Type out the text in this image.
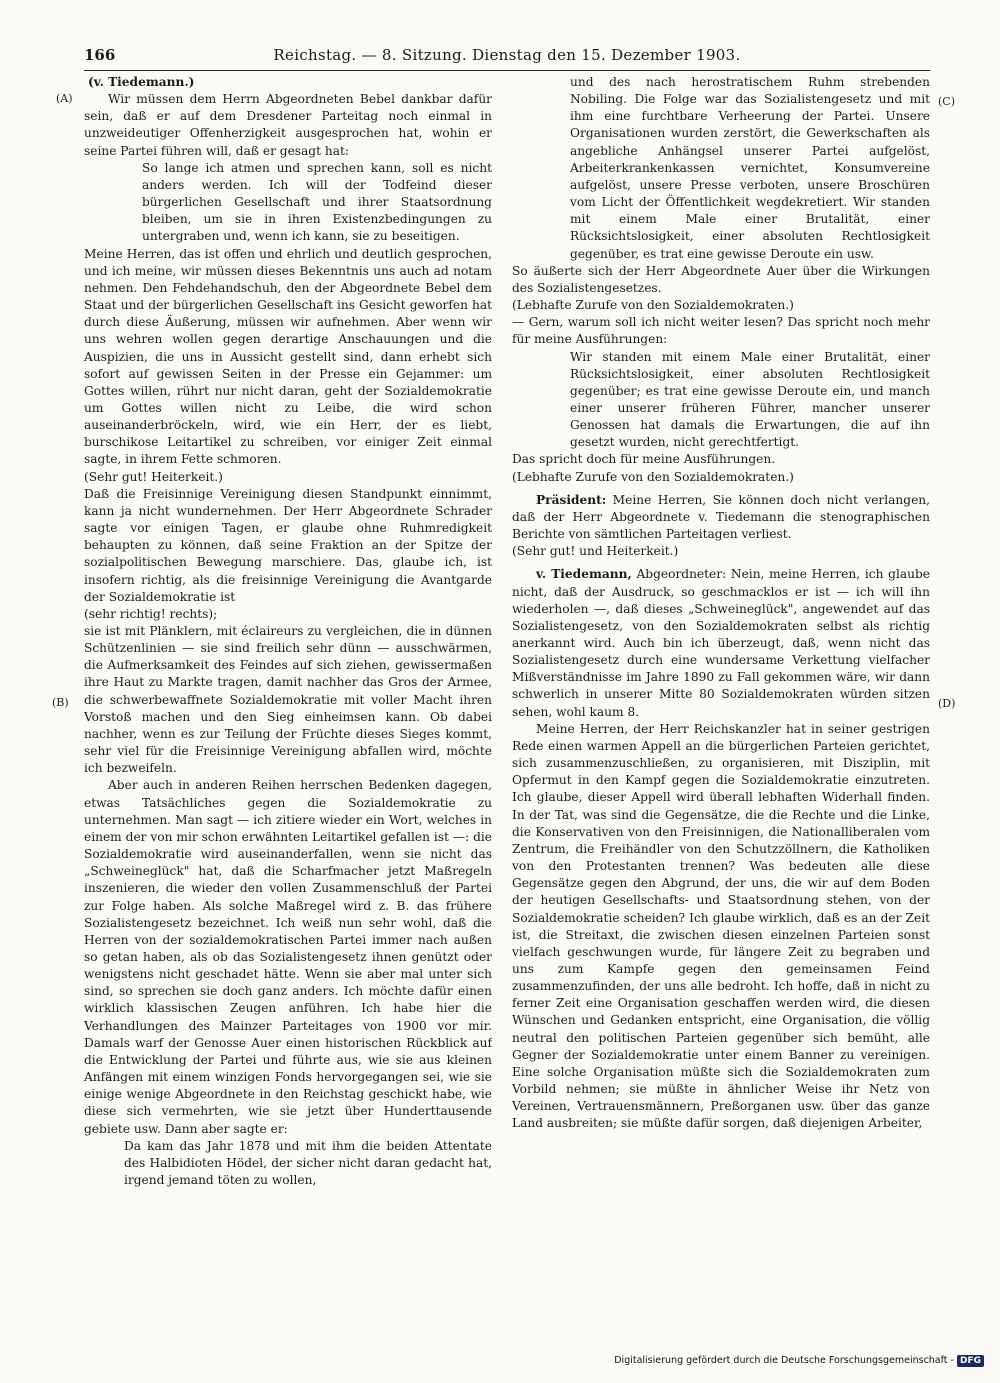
166	Reichstag. — 8. Sitzung. Dienstag den 15. Dezember 1903.
(A)
(B)
(C)
(D)

(v. Tiedemann.)

Wir müssen dem Herrn Abgeordneten Bebel dankbar dafür sein, daß er auf dem Dresdener Parteitag noch einmal in unzweideutiger Offenherzigkeit ausgesprochen hat, wohin er seine Partei führen will, daß er gesagt hat:

So lange ich atmen und sprechen kann, soll es nicht anders werden. Ich will der Todfeind dieser bürgerlichen Gesellschaft und ihrer Staatsordnung bleiben, um sie in ihren Existenzbedingungen zu untergraben und, wenn ich kann, sie zu beseitigen.

Meine Herren, das ist offen und ehrlich und deutlich gesprochen, und ich meine, wir müssen dieses Bekenntnis uns auch ad notam nehmen. Den Fehdehandschuh, den der Abgeordnete Bebel dem Staat und der bürgerlichen Gesellschaft ins Gesicht geworfen hat durch diese Äußerung, müssen wir aufnehmen. Aber wenn wir uns wehren wollen gegen derartige Anschauungen und die Auspizien, die uns in Aussicht gestellt sind, dann erhebt sich sofort auf gewissen Seiten in der Presse ein Gejammer: um Gottes willen, rührt nur nicht daran, geht der Sozialdemokratie um Gottes willen nicht zu Leibe, die wird schon auseinanderbröckeln, wird, wie ein Herr, der es liebt, burschikose Leitartikel zu schreiben, vor einiger Zeit einmal sagte, in ihrem Fette schmoren.

(Sehr gut! Heiterkeit.)

Daß die Freisinnige Vereinigung diesen Standpunkt einnimmt, kann ja nicht wundernehmen. Der Herr Abgeordnete Schrader sagte vor einigen Tagen, er glaube ohne Ruhmredigkeit behaupten zu können, daß seine Fraktion an der Spitze der sozialpolitischen Bewegung marschiere. Das, glaube ich, ist insofern richtig, als die freisinnige Vereinigung die Avantgarde der Sozialdemokratie ist

(sehr richtig! rechts);

sie ist mit Plänklern, mit éclaireurs zu vergleichen, die in dünnen Schützenlinien — sie sind freilich sehr dünn — ausschwärmen, die Aufmerksamkeit des Feindes auf sich ziehen, gewissermaßen ihre Haut zu Markte tragen, damit nachher das Gros der Armee, die schwerbewaffnete Sozialdemokratie mit voller Macht ihren Vorstoß machen und den Sieg einheimsen kann. Ob dabei nachher, wenn es zur Teilung der Früchte dieses Sieges kommt, sehr viel für die Freisinnige Vereinigung abfallen wird, möchte ich bezweifeln.

Aber auch in anderen Reihen herrschen Bedenken dagegen, etwas Tatsächliches gegen die Sozialdemokratie zu unternehmen. Man sagt — ich zitiere wieder ein Wort, welches in einem der von mir schon erwähnten Leitartikel gefallen ist —: die Sozialdemokratie wird auseinanderfallen, wenn sie nicht das „Schweineglück" hat, daß die Scharfmacher jetzt Maßregeln inszenieren, die wieder den vollen Zusammenschluß der Partei zur Folge haben. Als solche Maßregel wird z. B. das frühere Sozialistengesetz bezeichnet. Ich weiß nun sehr wohl, daß die Herren von der sozialdemokratischen Partei immer nach außen so getan haben, als ob das Sozialistengesetz ihnen genützt oder wenigstens nicht geschadet hätte. Wenn sie aber mal unter sich sind, so sprechen sie doch ganz anders. Ich möchte dafür einen wirklich klassischen Zeugen anführen. Ich habe hier die Verhandlungen des Mainzer Parteitages von 1900 vor mir. Damals warf der Genosse Auer einen historischen Rückblick auf die Entwicklung der Partei und führte aus, wie sie aus kleinen Anfängen mit einem winzigen Fonds hervorgegangen sei, wie sie einige wenige Abgeordnete in den Reichstag geschickt habe, wie diese sich vermehrten, wie sie jetzt über Hunderttausende gebiete usw. Dann aber sagte er:

Da kam das Jahr 1878 und mit ihm die beiden Attentate des Halbidioten Hödel, der sicher nicht daran gedacht hat, irgend jemand töten zu wollen,

und des nach herostratischem Ruhm strebenden Nobiling. Die Folge war das Sozialistengesetz und mit ihm eine furchtbare Verheerung der Partei. Unsere Organisationen wurden zerstört, die Gewerkschaften als angebliche Anhängsel unserer Partei aufgelöst, Arbeiterkrankenkassen vernichtet, Konsumvereine aufgelöst, unsere Presse verboten, unsere Broschüren vom Licht der Öffentlichkeit wegdekretiert. Wir standen mit einem Male einer Brutalität, einer Rücksichtslosigkeit, einer absoluten Rechtlosigkeit gegenüber, es trat eine gewisse Deroute ein usw.

So äußerte sich der Herr Abgeordnete Auer über die Wirkungen des Sozialistengesetzes.

(Lebhafte Zurufe von den Sozialdemokraten.)

— Gern, warum soll ich nicht weiter lesen? Das spricht noch mehr für meine Ausführungen:

Wir standen mit einem Male einer Brutalität, einer Rücksichtslosigkeit, einer absoluten Rechtlosigkeit gegenüber; es trat eine gewisse Deroute ein, und manch einer unserer früheren Führer, mancher unserer Genossen hat damals die Erwartungen, die auf ihn gesetzt wurden, nicht gerechtfertigt.

Das spricht doch für meine Ausführungen.

(Lebhafte Zurufe von den Sozialdemokraten.)

Präsident: Meine Herren, Sie können doch nicht verlangen, daß der Herr Abgeordnete v. Tiedemann die stenographischen Berichte von sämtlichen Parteitagen verliest.

(Sehr gut! und Heiterkeit.)

v. Tiedemann, Abgeordneter: Nein, meine Herren, ich glaube nicht, daß der Ausdruck, so geschmacklos er ist — ich will ihn wiederholen —, daß dieses „Schweineglück", angewendet auf das Sozialistengesetz, von den Sozialdemokraten selbst als richtig anerkannt wird. Auch bin ich überzeugt, daß, wenn nicht das Sozialistengesetz durch eine wundersame Verkettung vielfacher Mißverständnisse im Jahre 1890 zu Fall gekommen wäre, wir dann schwerlich in unserer Mitte 80 Sozialdemokraten würden sitzen sehen, wohl kaum 8.

Meine Herren, der Herr Reichskanzler hat in seiner gestrigen Rede einen warmen Appell an die bürgerlichen Parteien gerichtet, sich zusammenzuschließen, zu organisieren, mit Disziplin, mit Opfermut in den Kampf gegen die Sozialdemokratie einzutreten. Ich glaube, dieser Appell wird überall lebhaften Widerhall finden. In der Tat, was sind die Gegensätze, die die Rechte und die Linke, die Konservativen von den Freisinnigen, die Nationalliberalen vom Zentrum, die Freihändler von den Schutzzöllnern, die Katholiken von den Protestanten trennen? Was bedeuten alle diese Gegensätze gegen den Abgrund, der uns, die wir auf dem Boden der heutigen Gesellschafts- und Staatsordnung stehen, von der Sozialdemokratie scheiden? Ich glaube wirklich, daß es an der Zeit ist, die Streitaxt, die zwischen diesen einzelnen Parteien sonst vielfach geschwungen wurde, für längere Zeit zu begraben und uns zum Kampfe gegen den gemeinsamen Feind zusammenzufinden, der uns alle bedroht. Ich hoffe, daß in nicht zu ferner Zeit eine Organisation geschaffen werden wird, die diesen Wünschen und Gedanken entspricht, eine Organisation, die völlig neutral den politischen Parteien gegenüber sich bemüht, alle Gegner der Sozialdemokratie unter einem Banner zu vereinigen. Eine solche Organisation müßte sich die Sozialdemokraten zum Vorbild nehmen; sie müßte in ähnlicher Weise ihr Netz von Vereinen, Vertrauensmännern, Preßorganen usw. über das ganze Land ausbreiten; sie müßte dafür sorgen, daß diejenigen Arbeiter,

Digitalisierung gefördert durch die Deutsche Forschungsgemeinschaft - DFG
